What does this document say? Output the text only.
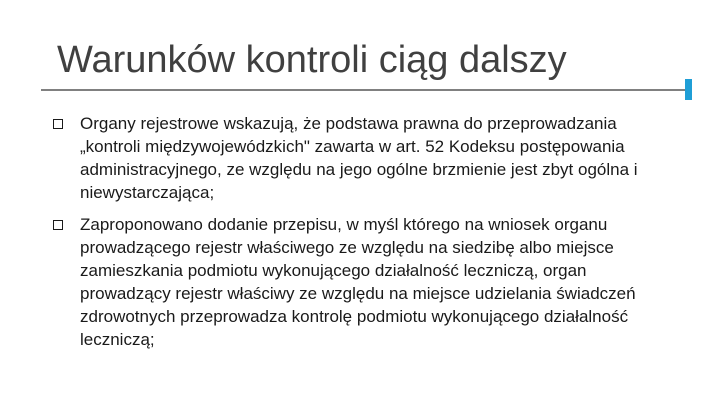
Warunków kontroli ciąg dalszy
Organy rejestrowe wskazują, że podstawa prawna do przeprowadzania „kontroli międzywojewódzkich" zawarta w art. 52 Kodeksu postępowania administracyjnego, ze względu na jego ogólne brzmienie jest zbyt ogólna i niewystarczająca;
Zaproponowano dodanie przepisu, w myśl którego na wniosek organu prowadzącego rejestr właściwego ze względu na siedzibę albo miejsce zamieszkania podmiotu wykonującego działalność leczniczą, organ prowadzący rejestr właściwy ze względu na miejsce udzielania świadczeń zdrowotnych przeprowadza kontrolę podmiotu wykonującego działalność leczniczą;
